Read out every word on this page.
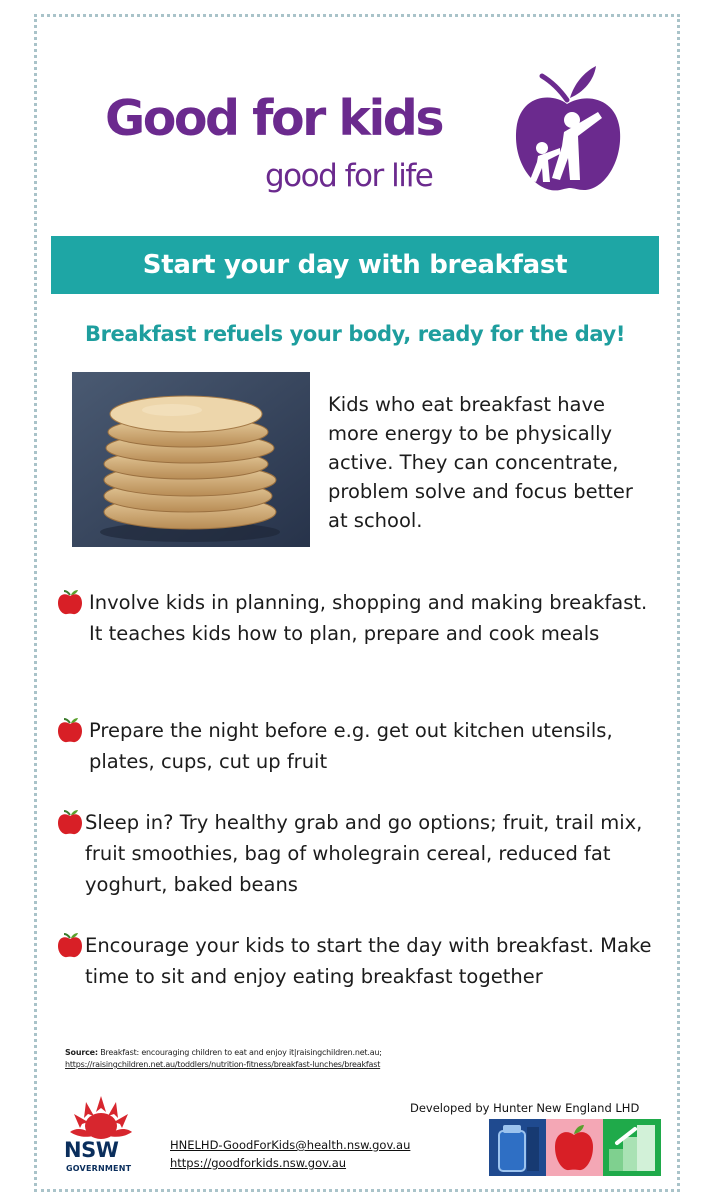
Good for kids
good for life
Start your day with breakfast
Breakfast refuels your body, ready for the day!

Kids who eat breakfast have more energy to be physically active. They can concentrate, problem solve and focus better at school.

Involve kids in planning, shopping and making breakfast. It teaches kids how to plan, prepare and cook meals

Prepare the night before e.g. get out kitchen utensils, plates, cups, cut up fruit

Sleep in? Try healthy grab and go options; fruit, trail mix, fruit smoothies, bag of wholegrain cereal, reduced fat yoghurt, baked beans

Encourage your kids to start the day with breakfast. Make time to sit and enjoy eating breakfast together

Source: Breakfast: encouraging children to eat and enjoy it|raisingchildren.net.au;
https://raisingchildren.net.au/toddlers/nutrition-fitness/breakfast-lunches/breakfast
NSW
GOVERNMENT
HNELHD-GoodForKids@health.nsw.gov.au
https://goodforkids.nsw.gov.au
Developed by Hunter New England LHD
